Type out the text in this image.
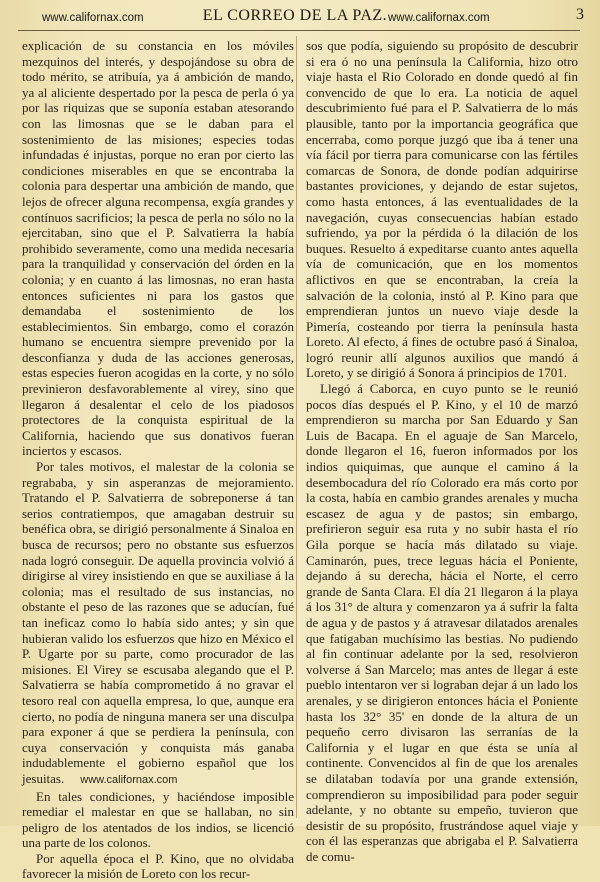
www.californax.com	EL CORREO DE LA PAZ. www.californax.com	3

explicación de su constancia en los móviles mezquinos del interés, y despojándose su obra de todo mérito, se atribuía, ya á ambición de mando, ya al aliciente despertado por la pesca de perla ó ya por las riquizas que se suponía estaban atesorando con las limosnas que se le daban para el sostenimiento de las misiones; especies todas infundadas é injustas, porque no eran por cierto las condiciones miserables en que se encontraba la colonia para despertar una ambición de mando, que lejos de ofrecer alguna recompensa, exgía grandes y contínuos sacrificios; la pesca de perla no sólo no la ejercitaban, sino que el P. Salvatierra la había prohibido severamente, como una medida necesaria para la tranquilidad y conservación del órden en la colonia; y en cuanto á las limosnas, no eran hasta entonces suficientes ni para los gastos que demandaba el sostenimiento de los establecimientos. Sin embargo, como el corazón humano se encuentra siempre prevenido por la desconfianza y duda de las acciones generosas, estas especies fueron acogidas en la corte, y no sólo previnieron desfavorablemente al virey, sino que llegaron á desalentar el celo de los piadosos protectores de la conquista espiritual de la California, haciendo que sus donativos fueran inciertos y escasos.

Por tales motivos, el malestar de la colonia se regrababa, y sin asperanzas de mejoramiento. Tratando el P. Salvatierra de sobreponerse á tan serios contratiempos, que amagaban destruir su benéfica obra, se dirigió personalmente á Sinaloa en busca de recursos; pero no obstante sus esfuerzos nada logró conseguir. De aquella provincia volvió á dirigirse al virey insistiendo en que se auxiliase á la colonia; mas el resultado de sus instancias, no obstante el peso de las razones que se aducían, fué tan ineficaz como lo había sido antes; y sin que hubieran valido los esfuerzos que hizo en México el P. Ugarte por su parte, como procurador de las misiones. El Virey se escusaba alegando que el P. Salvatierra se había comprometido á no gravar el tesoro real con aquella empresa, lo que, aunque era cierto, no podía de ninguna manera ser una disculpa para exponer á que se perdiera la península, con cuya conservación y conquista más ganaba indudablemente el gobierno español que los jesuitas. www.californax.com

En tales condiciones, y haciéndose imposible remediar el malestar en que se hallaban, no sin peligro de los atentados de los indios, se licenció una parte de los colonos.

Por aquella época el P. Kino, que no olvidaba favorecer la misión de Loreto con los recur-

sos que podía, siguiendo su propósito de descubrir si era ó no una península la California, hizo otro viaje hasta el Rio Colorado en donde quedó al fin convencido de que lo era. La noticia de aquel descubrimiento fué para el P. Salvatierra de lo más plausible, tanto por la importancia geográfica que encerraba, como porque juzgó que iba á tener una vía fácil por tierra para comunicarse con las fértiles comarcas de Sonora, de donde podían adquirirse bastantes proviciones, y dejando de estar sujetos, como hasta entonces, á las eventualidades de la navegación, cuyas consecuencias habían estado sufriendo, ya por la pérdida ó la dilación de los buques. Resuelto á expeditarse cuanto antes aquella vía de comunicación, que en los momentos aflictivos en que se encontraban, la creía la salvación de la colonia, instó al P. Kino para que emprendieran juntos un nuevo viaje desde la Pimería, costeando por tierra la península hasta Loreto. Al efecto, á fines de octubre pasó á Sinaloa, logró reunir allí algunos auxilios que mandó á Loreto, y se dirigió á Sonora á principios de 1701.

Llegó á Caborca, en cuyo punto se le reunió pocos días después el P. Kino, y el 10 de marzó emprendieron su marcha por San Eduardo y San Luis de Bacapa. En el aguaje de San Marcelo, donde llegaron el 16, fueron informados por los indios quiquimas, que aunque el camino á la desembocadura del río Colorado era más corto por la costa, había en cambio grandes arenales y mucha escasez de agua y de pastos; sin embargo, prefirieron seguir esa ruta y no subir hasta el río Gila porque se hacía más dilatado su viaje. Caminarón, pues, trece leguas hácia el Poniente, dejando á su derecha, hácia el Norte, el cerro grande de Santa Clara. El día 21 llegaron á la playa á los 31° de altura y comenzaron ya á sufrir la falta de agua y de pastos y á atravesar dilatados arenales que fatigaban muchísimo las bestias. No pudiendo al fin continuar adelante por la sed, resolvieron volverse á San Marcelo; mas antes de llegar á este pueblo intentaron ver si lograban dejar á un lado los arenales, y se dirigieron entonces hácia el Poniente hasta los 32° 35' en donde de la altura de un pequeño cerro divisaron las serranías de la California y el lugar en que ésta se unía al continente. Convencidos al fin de que los arenales se dilataban todavía por una grande extensión, comprendieron su imposibilidad para poder seguir adelante, y no obtante su empeño, tuvieron que desistir de su propósito, frustrándose aquel viaje y con él las esperanzas que abrigaba el P. Salvatierra de comu-
